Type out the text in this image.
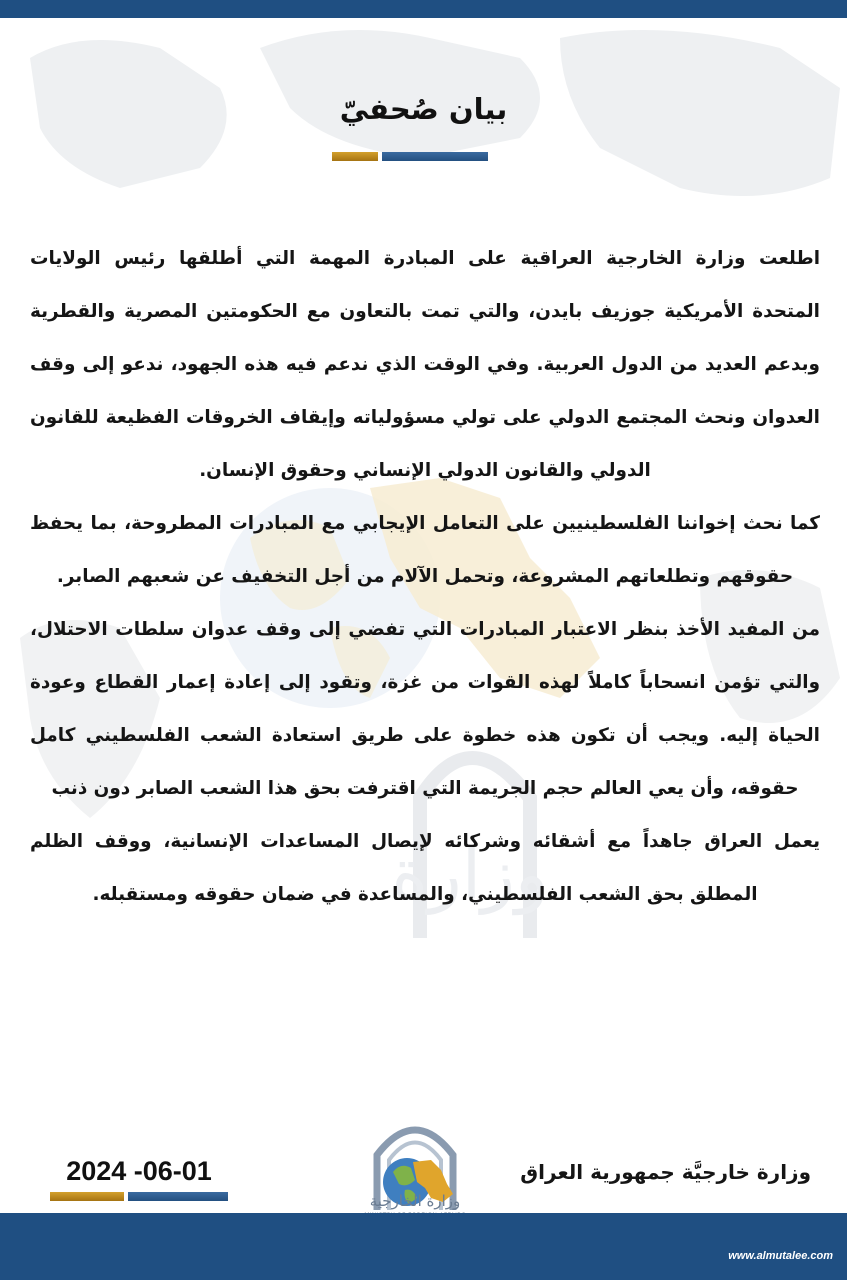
وزارة
بيان صُحفيّ

اطلعت وزارة الخارجية العراقية على المبادرة المهمة التي أطلقها رئيس الولايات المتحدة الأمريكية جوزيف بايدن، والتي تمت بالتعاون مع الحكومتين المصرية والقطرية وبدعم العديد من الدول العربية. وفي الوقت الذي ندعم فيه هذه الجهود، ندعو إلى وقف العدوان ونحث المجتمع الدولي على تولي مسؤولياته وإيقاف الخروقات الفظيعة للقانون الدولي والقانون الدولي الإنساني وحقوق الإنسان.

كما نحث إخواننا الفلسطينيين على التعامل الإيجابي مع المبادرات المطروحة، بما يحفظ حقوقهم وتطلعاتهم المشروعة، وتحمل الآلام من أجل التخفيف عن شعبهم الصابر.

من المفيد الأخذ بنظر الاعتبار المبادرات التي تفضي إلى وقف عدوان سلطات الاحتلال، والتي تؤمن انسحاباً كاملاً لهذه القوات من غزة، وتقود إلى إعادة إعمار القطاع وعودة الحياة إليه. ويجب أن تكون هذه خطوة على طريق استعادة الشعب الفلسطيني كامل حقوقه، وأن يعي العالم حجم الجريمة التي اقترفت بحق هذا الشعب الصابر دون ذنب

يعمل العراق جاهداً مع أشقائه وشركائه لإيصال المساعدات الإنسانية، ووقف الظلم المطلق بحق الشعب الفلسطيني، والمساعدة في ضمان حقوقه ومستقبله.

وزارة الخارجية
2024 -06-01	وزارة خارجيَّة جمهورية العراق
www.almutalee.com
